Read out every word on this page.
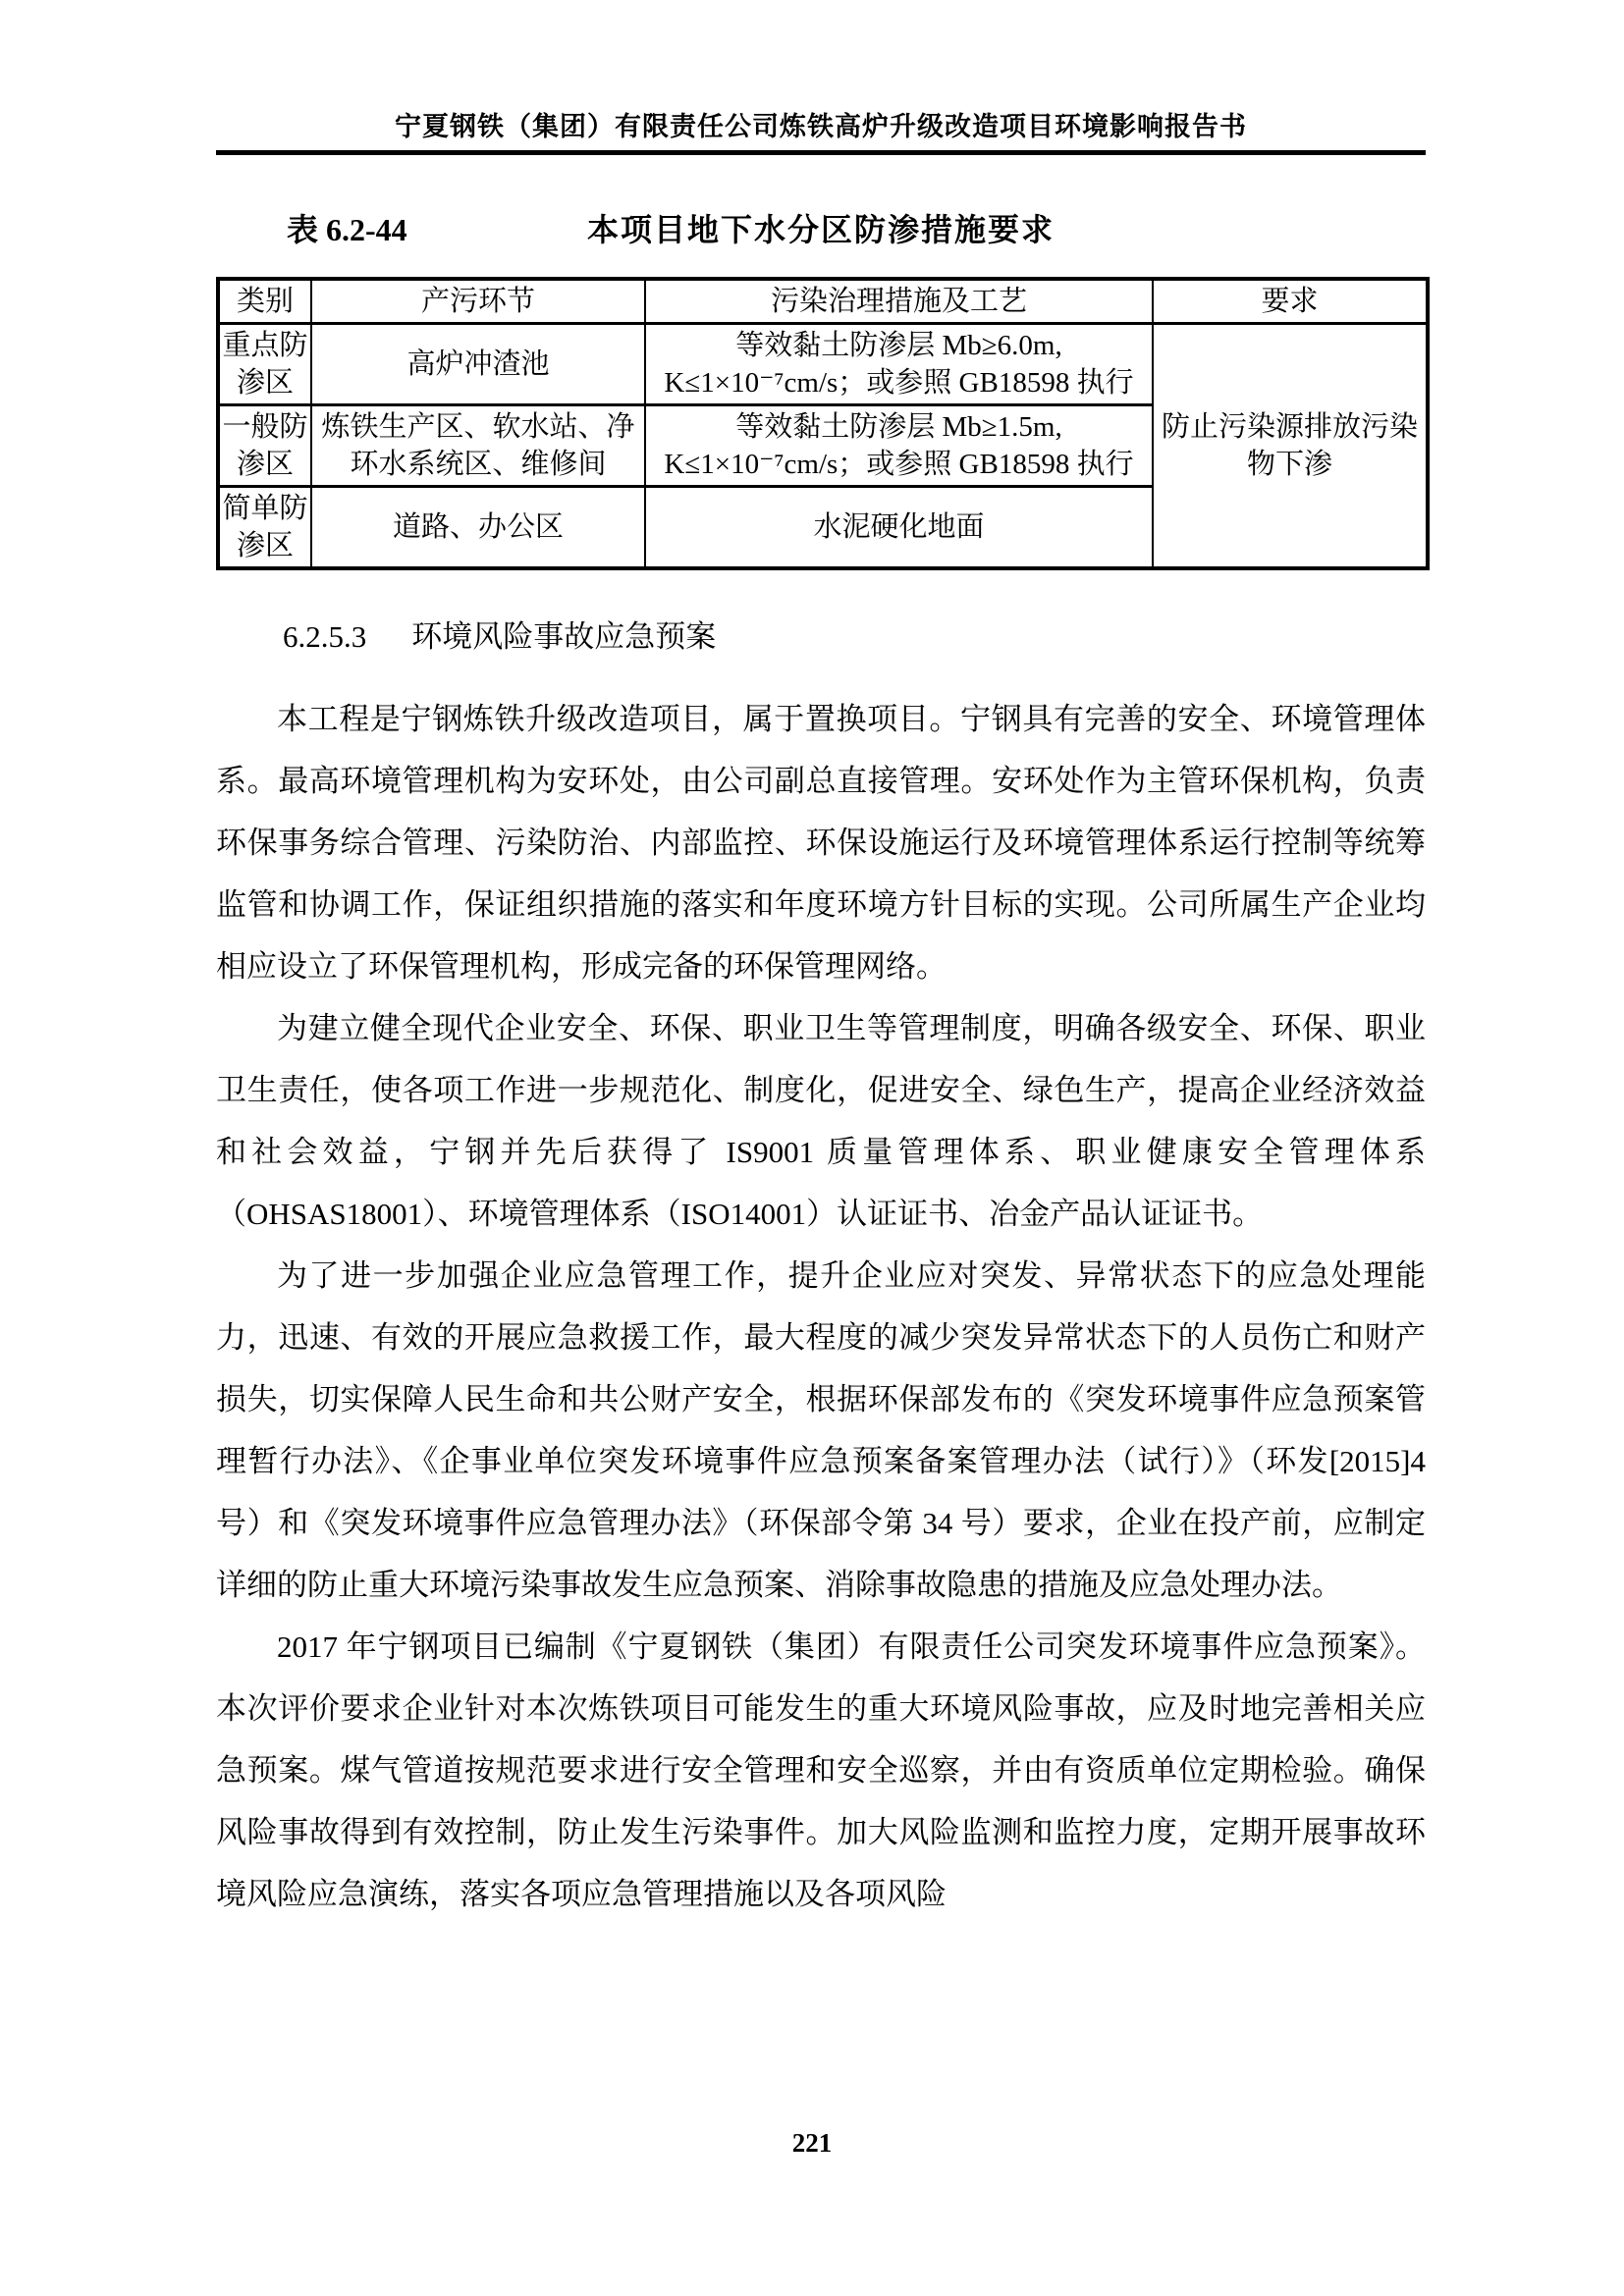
宁夏钢铁（集团）有限责任公司炼铁高炉升级改造项目环境影响报告书
表 6.2-44	本项目地下水分区防渗措施要求
类别	产污环节	污染治理措施及工艺	要求
重点防渗区	高炉冲渣池	等效黏土防渗层 Mb≥6.0m,
K≤1×10⁻⁷cm/s；或参照 GB18598 执行	防止污染源排放污染物下渗
一般防渗区	炼铁生产区、软水站、净环水系统区、维修间	等效黏土防渗层 Mb≥1.5m,
K≤1×10⁻⁷cm/s；或参照 GB18598 执行	

简单防渗区	道路、办公区	水泥硬化地面	
6.2.5.3 环境风险事故应急预案

本工程是宁钢炼铁升级改造项目，属于置换项目。宁钢具有完善的安全、环境管理体系。最高环境管理机构为安环处，由公司副总直接管理。安环处作为主管环保机构，负责环保事务综合管理、污染防治、内部监控、环保设施运行及环境管理体系运行控制等统筹监管和协调工作，保证组织措施的落实和年度环境方针目标的实现。公司所属生产企业均相应设立了环保管理机构，形成完备的环保管理网络。

为建立健全现代企业安全、环保、职业卫生等管理制度，明确各级安全、环保、职业卫生责任，使各项工作进一步规范化、制度化，促进安全、绿色生产，提高企业经济效益和社会效益，宁钢并先后获得了 IS9001 质量管理体系、职业健康安全管理体系（OHSAS18001）、环境管理体系（ISO14001）认证证书、冶金产品认证证书。

为了进一步加强企业应急管理工作，提升企业应对突发、异常状态下的应急处理能力，迅速、有效的开展应急救援工作，最大程度的减少突发异常状态下的人员伤亡和财产损失，切实保障人民生命和共公财产安全，根据环保部发布的《突发环境事件应急预案管理暂行办法》、《企事业单位突发环境事件应急预案备案管理办法（试行）》（环发[2015]4 号）和《突发环境事件应急管理办法》（环保部令第 34 号）要求，企业在投产前，应制定详细的防止重大环境污染事故发生应急预案、消除事故隐患的措施及应急处理办法。

2017 年宁钢项目已编制《宁夏钢铁（集团）有限责任公司突发环境事件应急预案》。本次评价要求企业针对本次炼铁项目可能发生的重大环境风险事故，应及时地完善相关应急预案。煤气管道按规范要求进行安全管理和安全巡察，并由有资质单位定期检验。确保风险事故得到有效控制，防止发生污染事件。加大风险监测和监控力度，定期开展事故环境风险应急演练，落实各项应急管理措施以及各项风险

221
